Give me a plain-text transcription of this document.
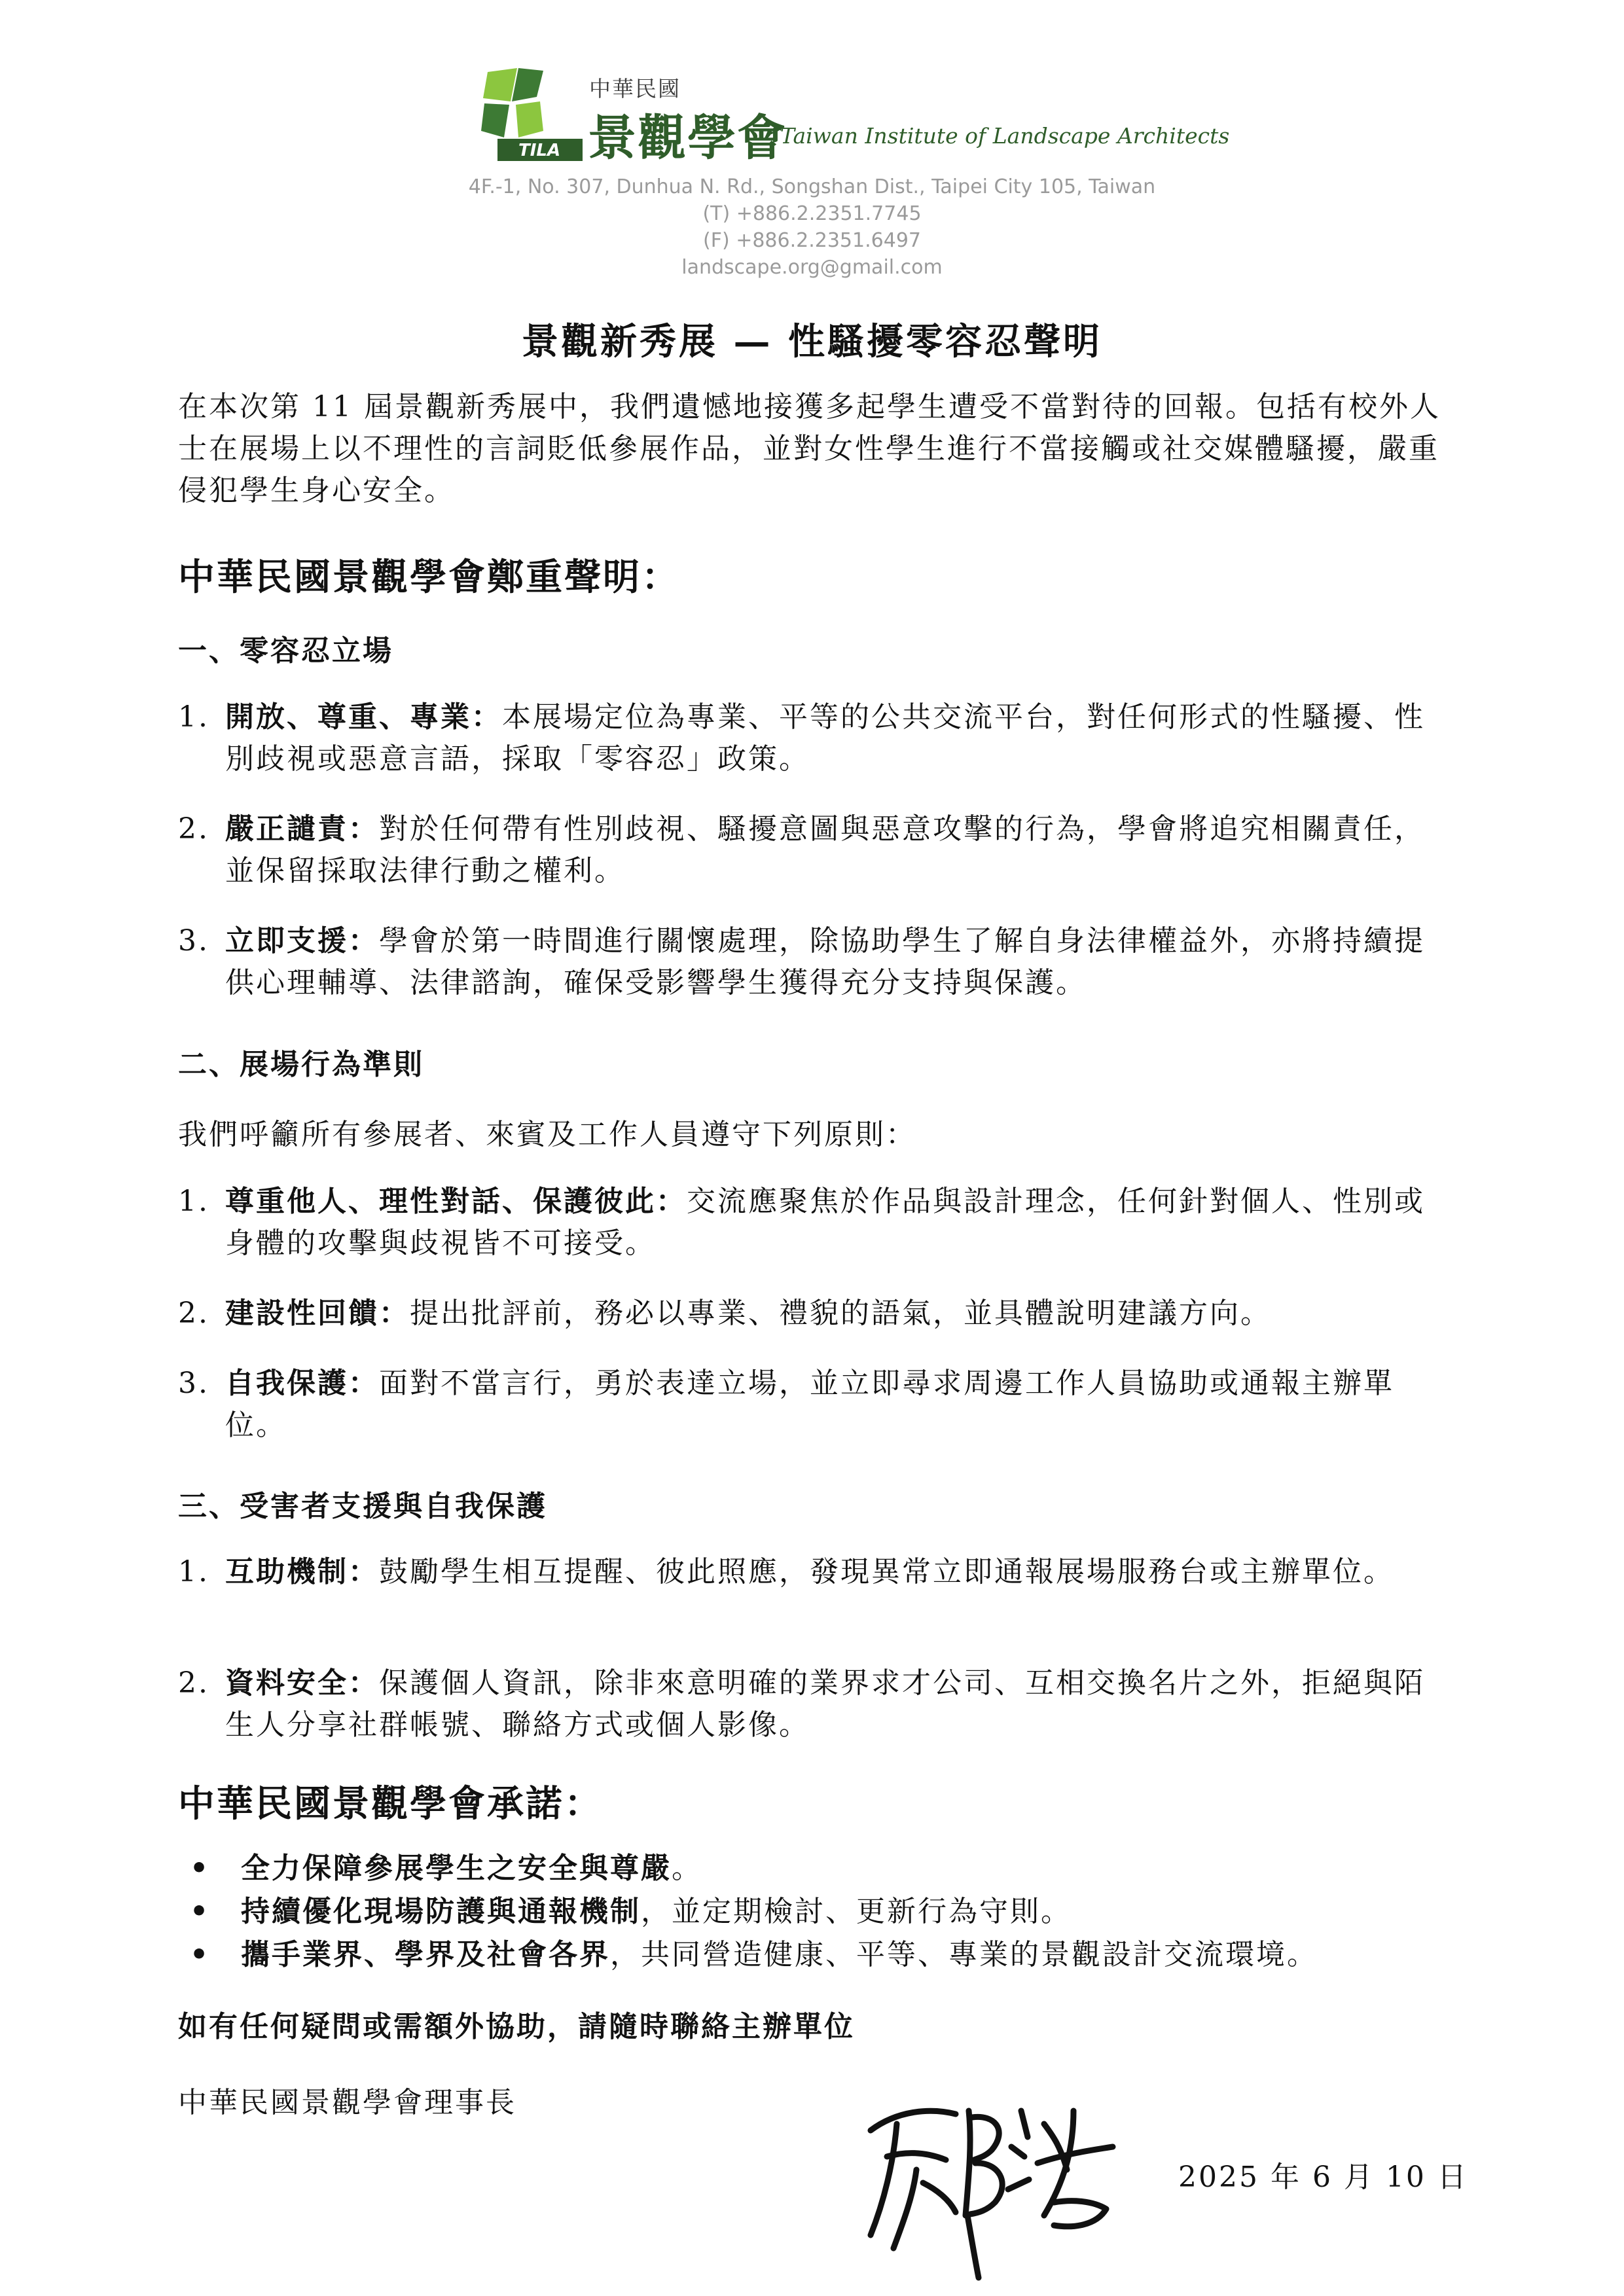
TILA
中華民國
景觀學會
Taiwan Institute of Landscape Architects
4F.-1, No. 307, Dunhua N. Rd., Songshan Dist., Taipei City 105, Taiwan
(T) +886.2.2351.7745
(F) +886.2.2351.6497
landscape.org@gmail.com
景觀新秀展 — 性騷擾零容忍聲明
在本次第 11 屆景觀新秀展中，我們遺憾地接獲多起學生遭受不當對待的回報。包括有校外人士在展場上以不理性的言詞貶低參展作品，並對女性學生進行不當接觸或社交媒體騷擾，嚴重侵犯學生身心安全。
中華民國景觀學會鄭重聲明：
一、零容忍立場
1. 開放、尊重、專業：本展場定位為專業、平等的公共交流平台，對任何形式的性騷擾、性別歧視或惡意言語，採取「零容忍」政策。
2. 嚴正譴責：對於任何帶有性別歧視、騷擾意圖與惡意攻擊的行為，學會將追究相關責任，並保留採取法律行動之權利。
3. 立即支援：學會於第一時間進行關懷處理，除協助學生了解自身法律權益外，亦將持續提供心理輔導、法律諮詢，確保受影響學生獲得充分支持與保護。
二、展場行為準則
我們呼籲所有參展者、來賓及工作人員遵守下列原則：
1. 尊重他人、理性對話、保護彼此：交流應聚焦於作品與設計理念，任何針對個人、性別或身體的攻擊與歧視皆不可接受。
2. 建設性回饋：提出批評前，務必以專業、禮貌的語氣，並具體說明建議方向。
3. 自我保護：面對不當言行，勇於表達立場，並立即尋求周邊工作人員協助或通報主辦單位。
三、受害者支援與自我保護
1. 互助機制：鼓勵學生相互提醒、彼此照應，發現異常立即通報展場服務台或主辦單位。
2. 資料安全：保護個人資訊，除非來意明確的業界求才公司、互相交換名片之外，拒絕與陌生人分享社群帳號、聯絡方式或個人影像。
中華民國景觀學會承諾：
• 全力保障參展學生之安全與尊嚴。
• 持續優化現場防護與通報機制，並定期檢討、更新行為守則。
• 攜手業界、學界及社會各界，共同營造健康、平等、專業的景觀設計交流環境。
如有任何疑問或需額外協助，請隨時聯絡主辦單位
中華民國景觀學會理事長
2025 年 6 月 10 日
